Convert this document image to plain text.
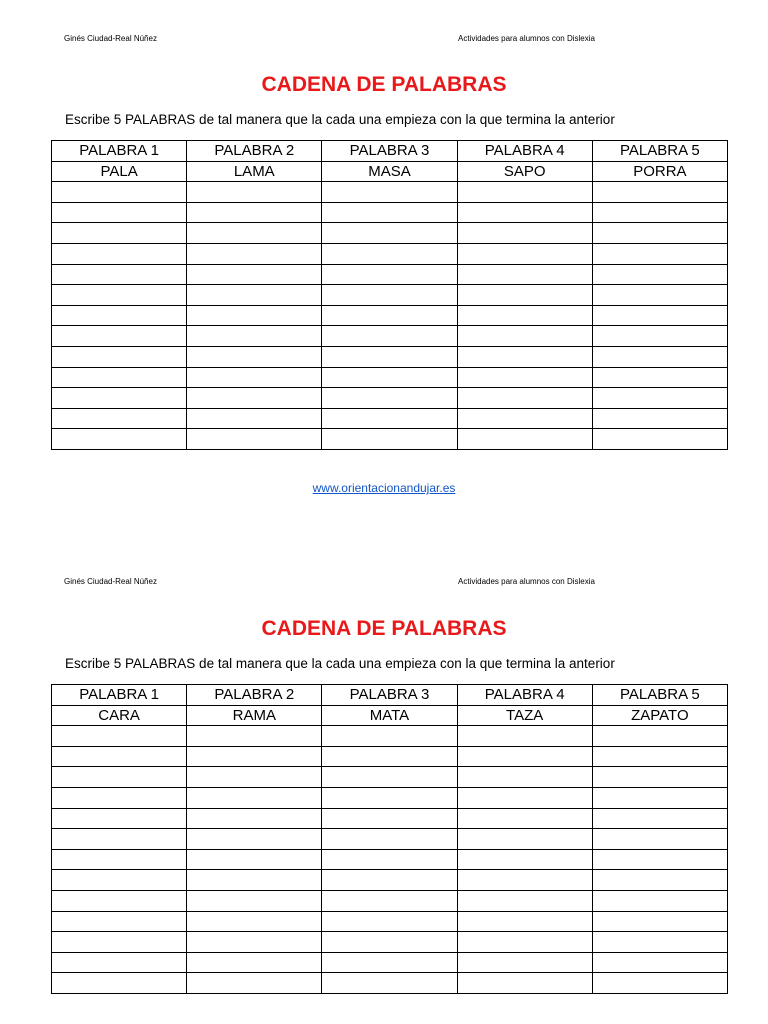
Ginés Ciudad-Real Núñez	Actividades para alumnos con Dislexia
CADENA DE PALABRAS
Escribe 5 PALABRAS de tal manera que la cada una empieza con la que termina la anterior
PALABRA 1	PALABRA 2	PALABRA 3	PALABRA 4	PALABRA 5
PALA	LAMA	MASA	SAPO	PORRA

www.orientacionandujar.es
Ginés Ciudad-Real Núñez	Actividades para alumnos con Dislexia
CADENA DE PALABRAS
Escribe 5 PALABRAS de tal manera que la cada una empieza con la que termina la anterior
PALABRA 1	PALABRA 2	PALABRA 3	PALABRA 4	PALABRA 5
CARA	RAMA	MATA	TAZA	ZAPATO
